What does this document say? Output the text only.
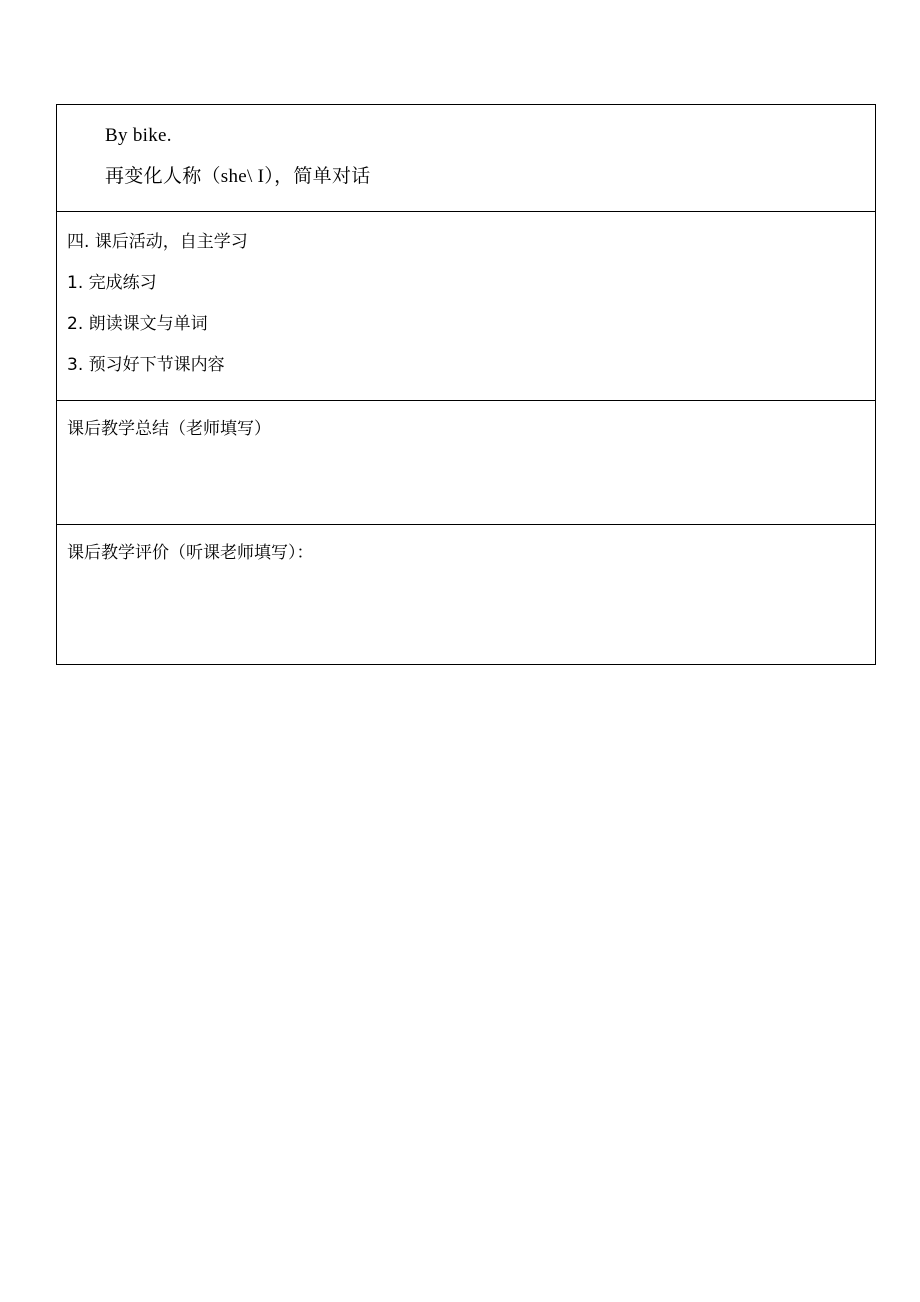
By bike.
再变化人称（she\ I），简单对话

四. 课后活动，自主学习
1. 完成练习
2. 朗读课文与单词
3. 预习好下节课内容

课后教学总结（老师填写）

课后教学评价（听课老师填写）：
